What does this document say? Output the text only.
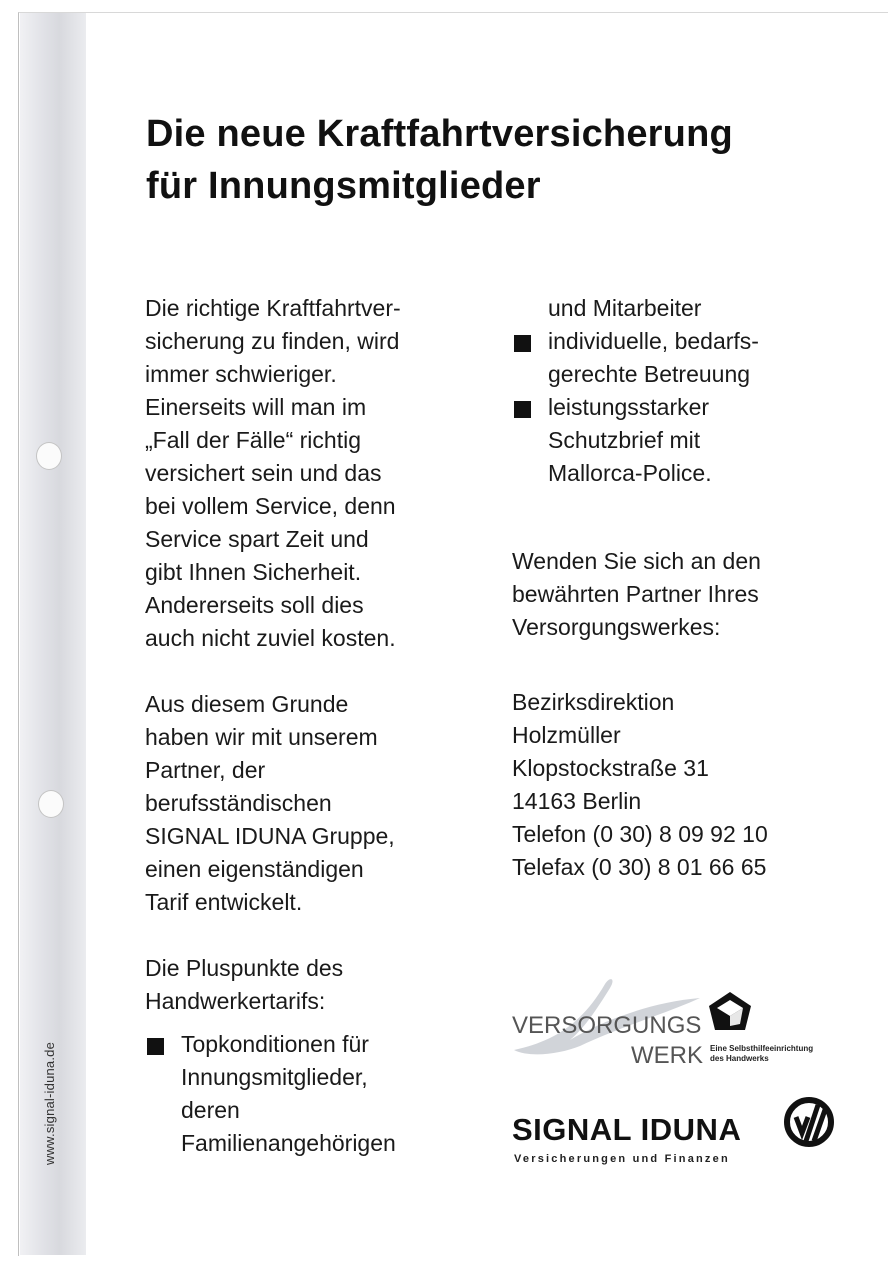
Die neue Kraftfahrtversicherung
für Innungsmitglieder

Die richtige Kraftfahrtver-
sicherung zu finden, wird
immer schwieriger.
Einerseits will man im
„Fall der Fälle“ richtig
versichert sein und das
bei vollem Service, denn
Service spart Zeit und
gibt Ihnen Sicherheit.
Andererseits soll dies
auch nicht zuviel kosten.

Aus diesem Grunde
haben wir mit unserem
Partner, der
berufsständischen
SIGNAL IDUNA Gruppe,
einen eigenständigen
Tarif entwickelt.

Die Pluspunkte des
Handwerkertarifs:

Topkonditionen für
Innungsmitglieder,
deren
Familienangehörigen

und Mitarbeiter

individuelle, bedarfs-
gerechte Betreuung

leistungsstarker
Schutzbrief mit
Mallorca-Police.

Wenden Sie sich an den
bewährten Partner Ihres
Versorgungswerkes:

Bezirksdirektion
Holzmüller
Klopstockstraße 31
14163 Berlin
Telefon (0 30) 8 09 92 10
Telefax (0 30) 8 01 66 65

VERSORGUNGS
WERK Eine Selbsthilfeeinrichtung
des Handwerks
SIGNAL IDUNA
Versicherungen und Finanzen
